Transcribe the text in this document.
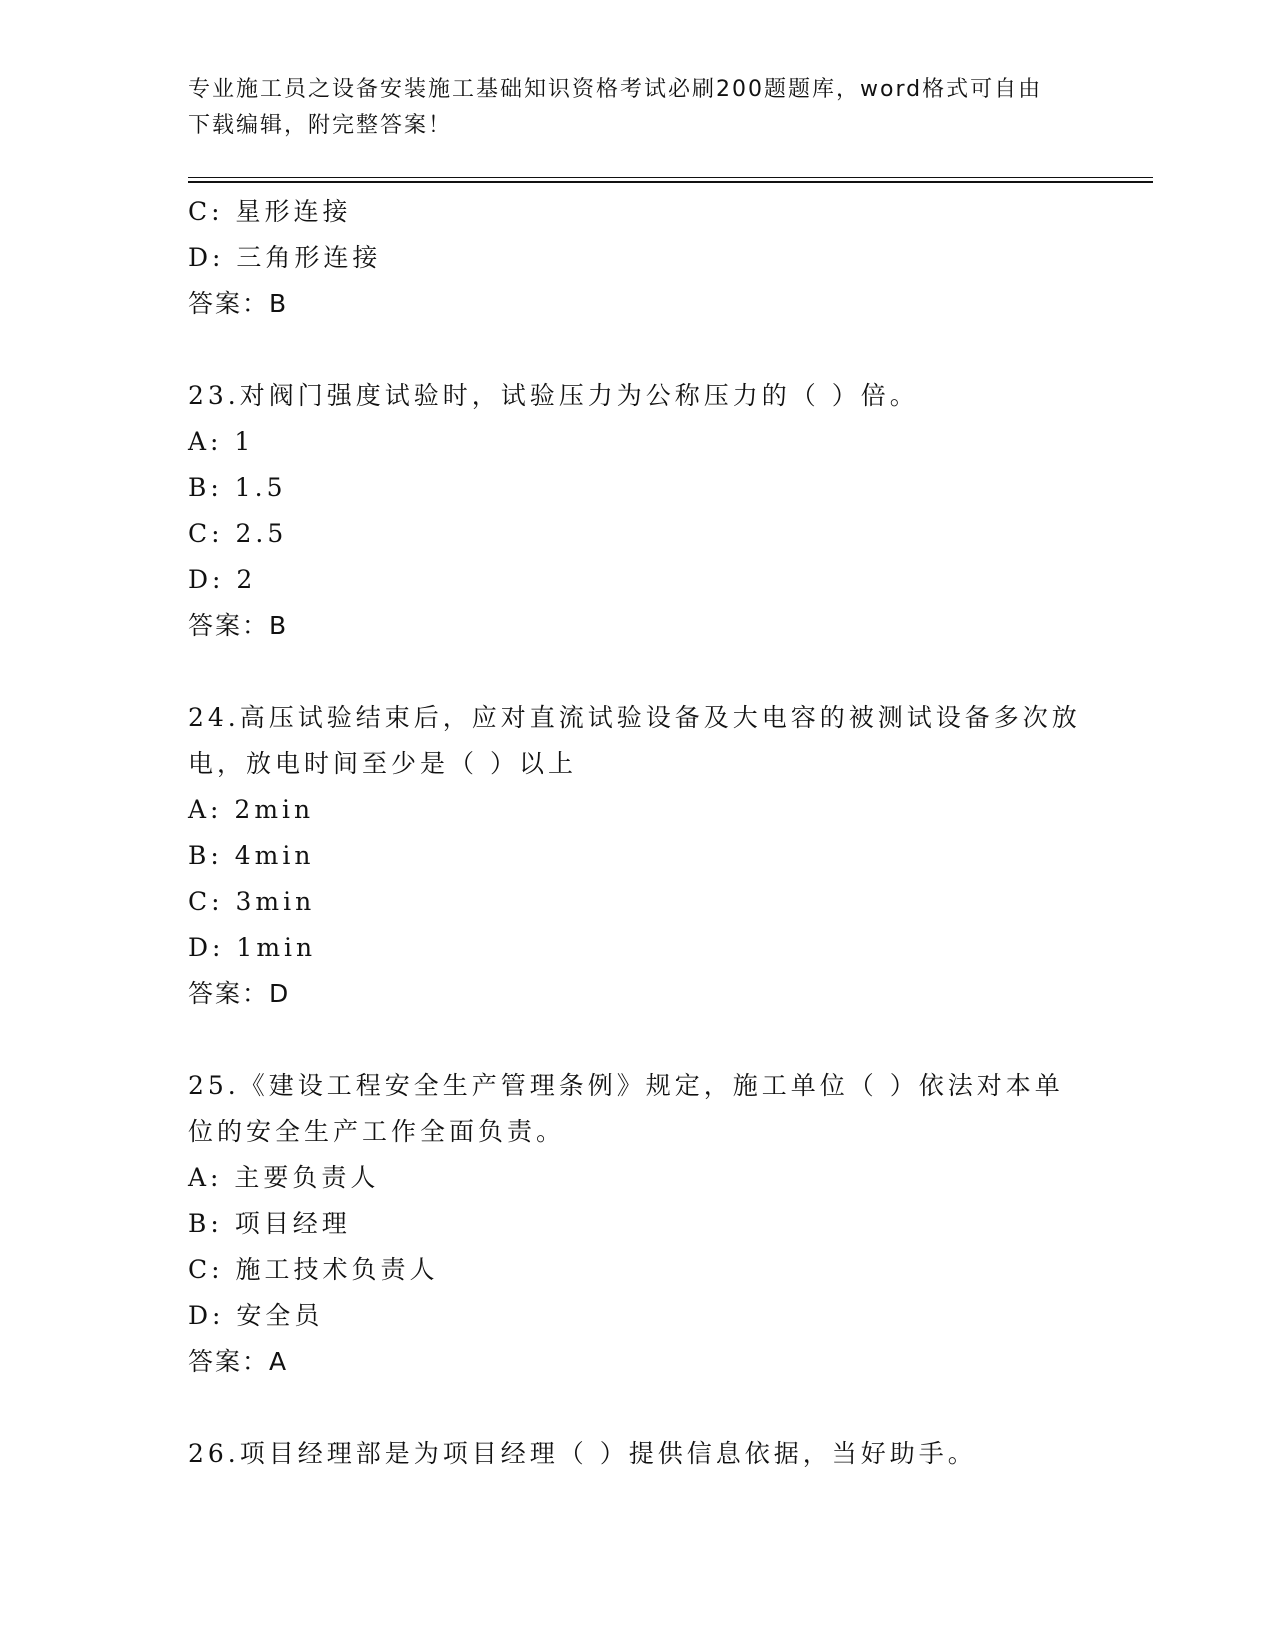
专业施工员之设备安装施工基础知识资格考试必刷200题题库，word格式可自由
下载编辑，附完整答案！
C: 星形连接
D: 三角形连接
答案：B
23.对阀门强度试验时，试验压力为公称压力的（ ）倍。
A: 1
B: 1.5
C: 2.5
D: 2
答案：B
24.高压试验结束后，应对直流试验设备及大电容的被测试设备多次放
电，放电时间至少是（ ）以上
A: 2min
B: 4min
C: 3min
D: 1min
答案：D
25.《建设工程安全生产管理条例》规定，施工单位（ ）依法对本单
位的安全生产工作全面负责。
A: 主要负责人
B: 项目经理
C: 施工技术负责人
D: 安全员
答案：A
26.项目经理部是为项目经理（ ）提供信息依据，当好助手。
